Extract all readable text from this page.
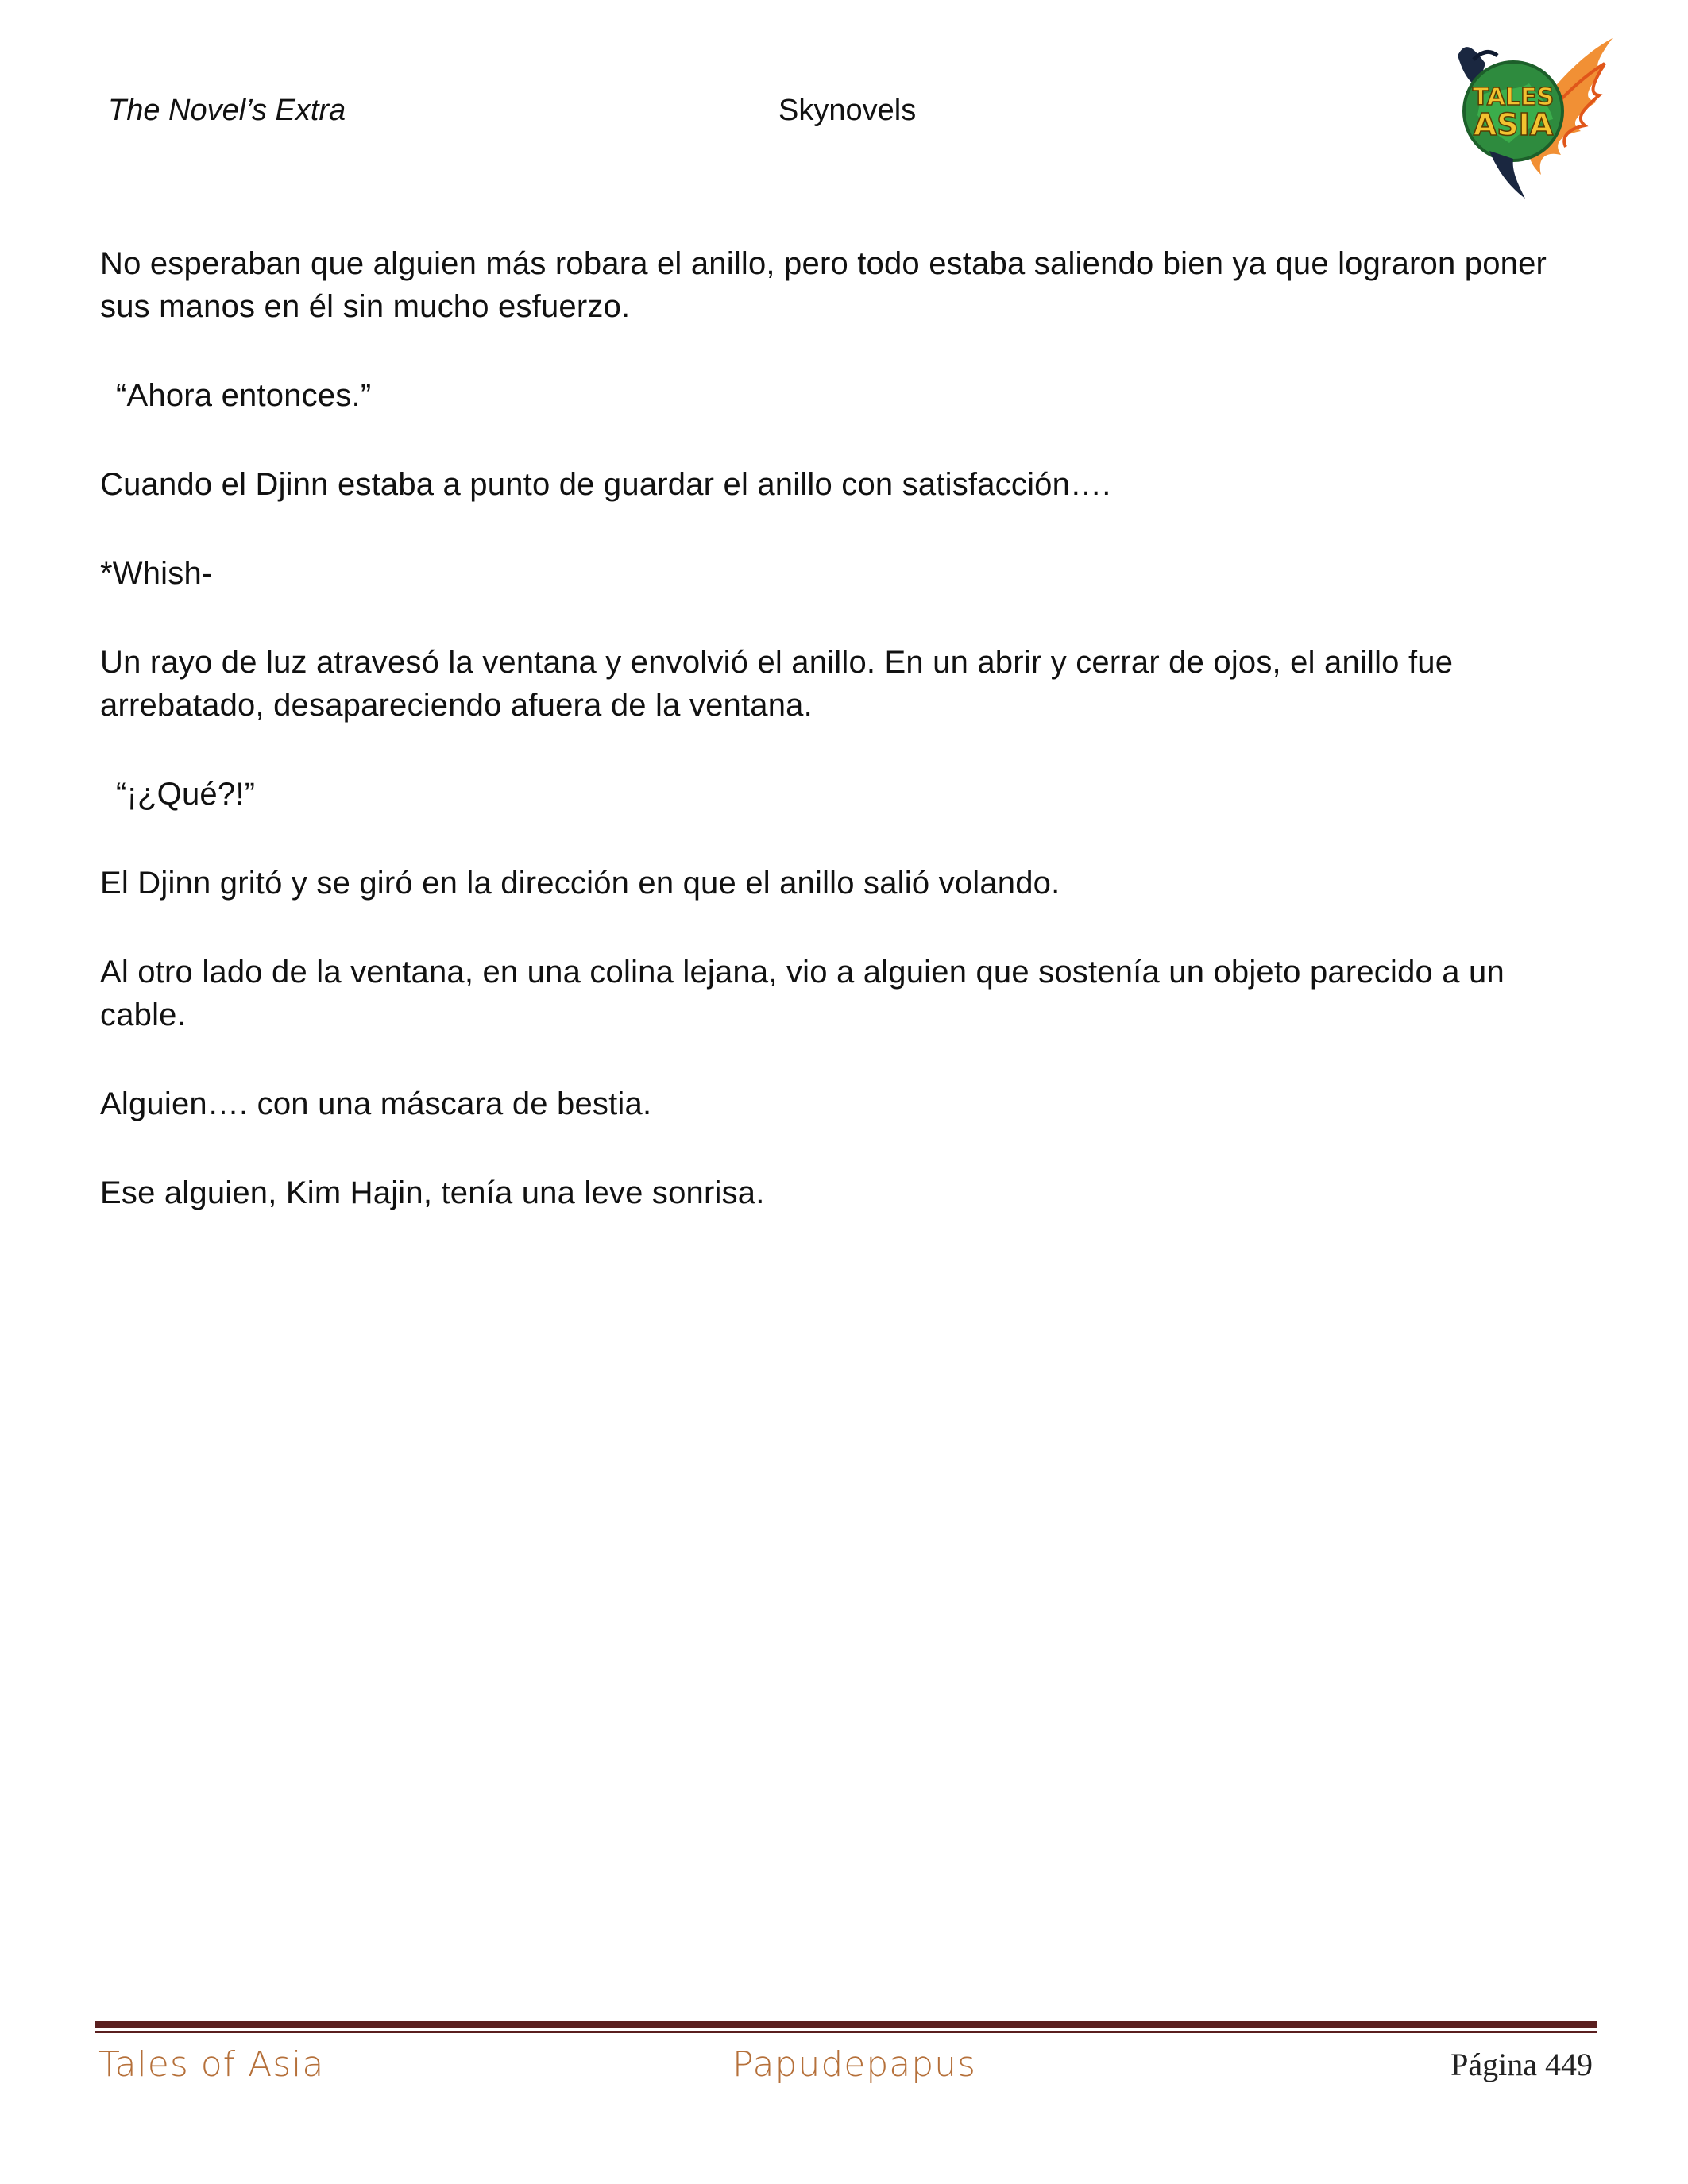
The Novel’s Extra	Skynovels	TALES
ASIA

No esperaban que alguien más robara el anillo, pero todo estaba saliendo bien ya que lograron poner sus manos en él sin mucho esfuerzo.

“Ahora entonces.”

Cuando el Djinn estaba a punto de guardar el anillo con satisfacción….

*Whish-

Un rayo de luz atravesó la ventana y envolvió el anillo. En un abrir y cerrar de ojos, el anillo fue arrebatado, desapareciendo afuera de la ventana.

“¡¿Qué?!”

El Djinn gritó y se giró en la dirección en que el anillo salió volando.

Al otro lado de la ventana, en una colina lejana, vio a alguien que sostenía un objeto parecido a un cable.

Alguien…. con una máscara de bestia.

Ese alguien, Kim Hajin, tenía una leve sonrisa.

Tales of Asia	Papudepapus	Página 449
